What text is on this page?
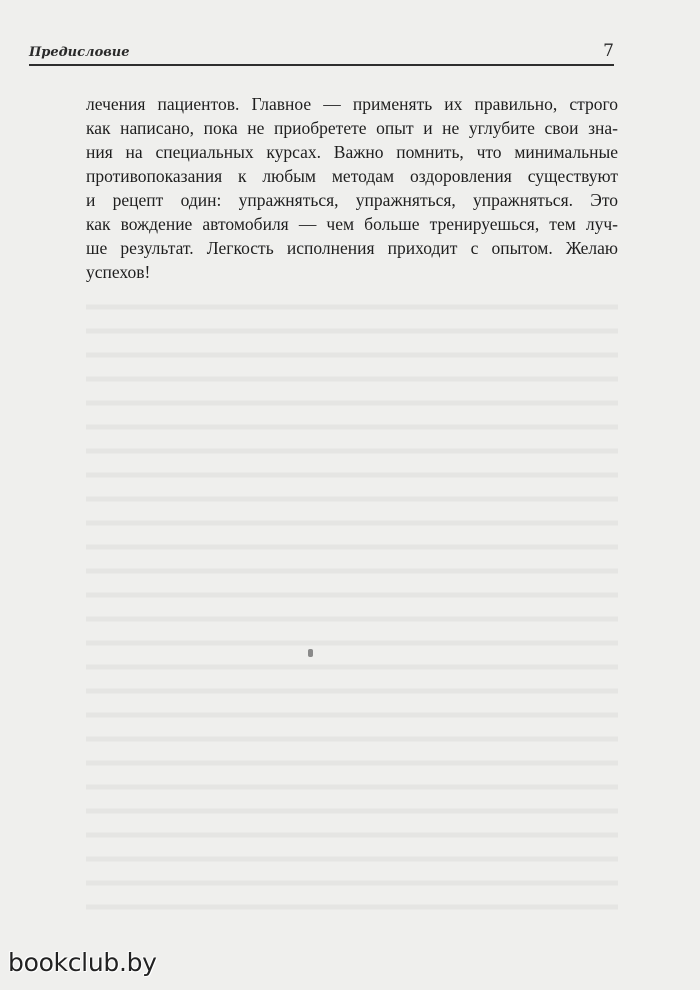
Предисловие	7
лечения пациентов. Главное — применять их правильно, строго
как написано, пока не приобретете опыт и не углубите свои зна-
ния на специальных курсах. Важно помнить, что минимальные
противопоказания к любым методам оздоровления существуют
и рецепт один: упражняться, упражняться, упражняться. Это
как вождение автомобиля — чем больше тренируешься, тем луч-
ше результат. Легкость исполнения приходит с опытом. Желаю
успехов!
bookclub.by
